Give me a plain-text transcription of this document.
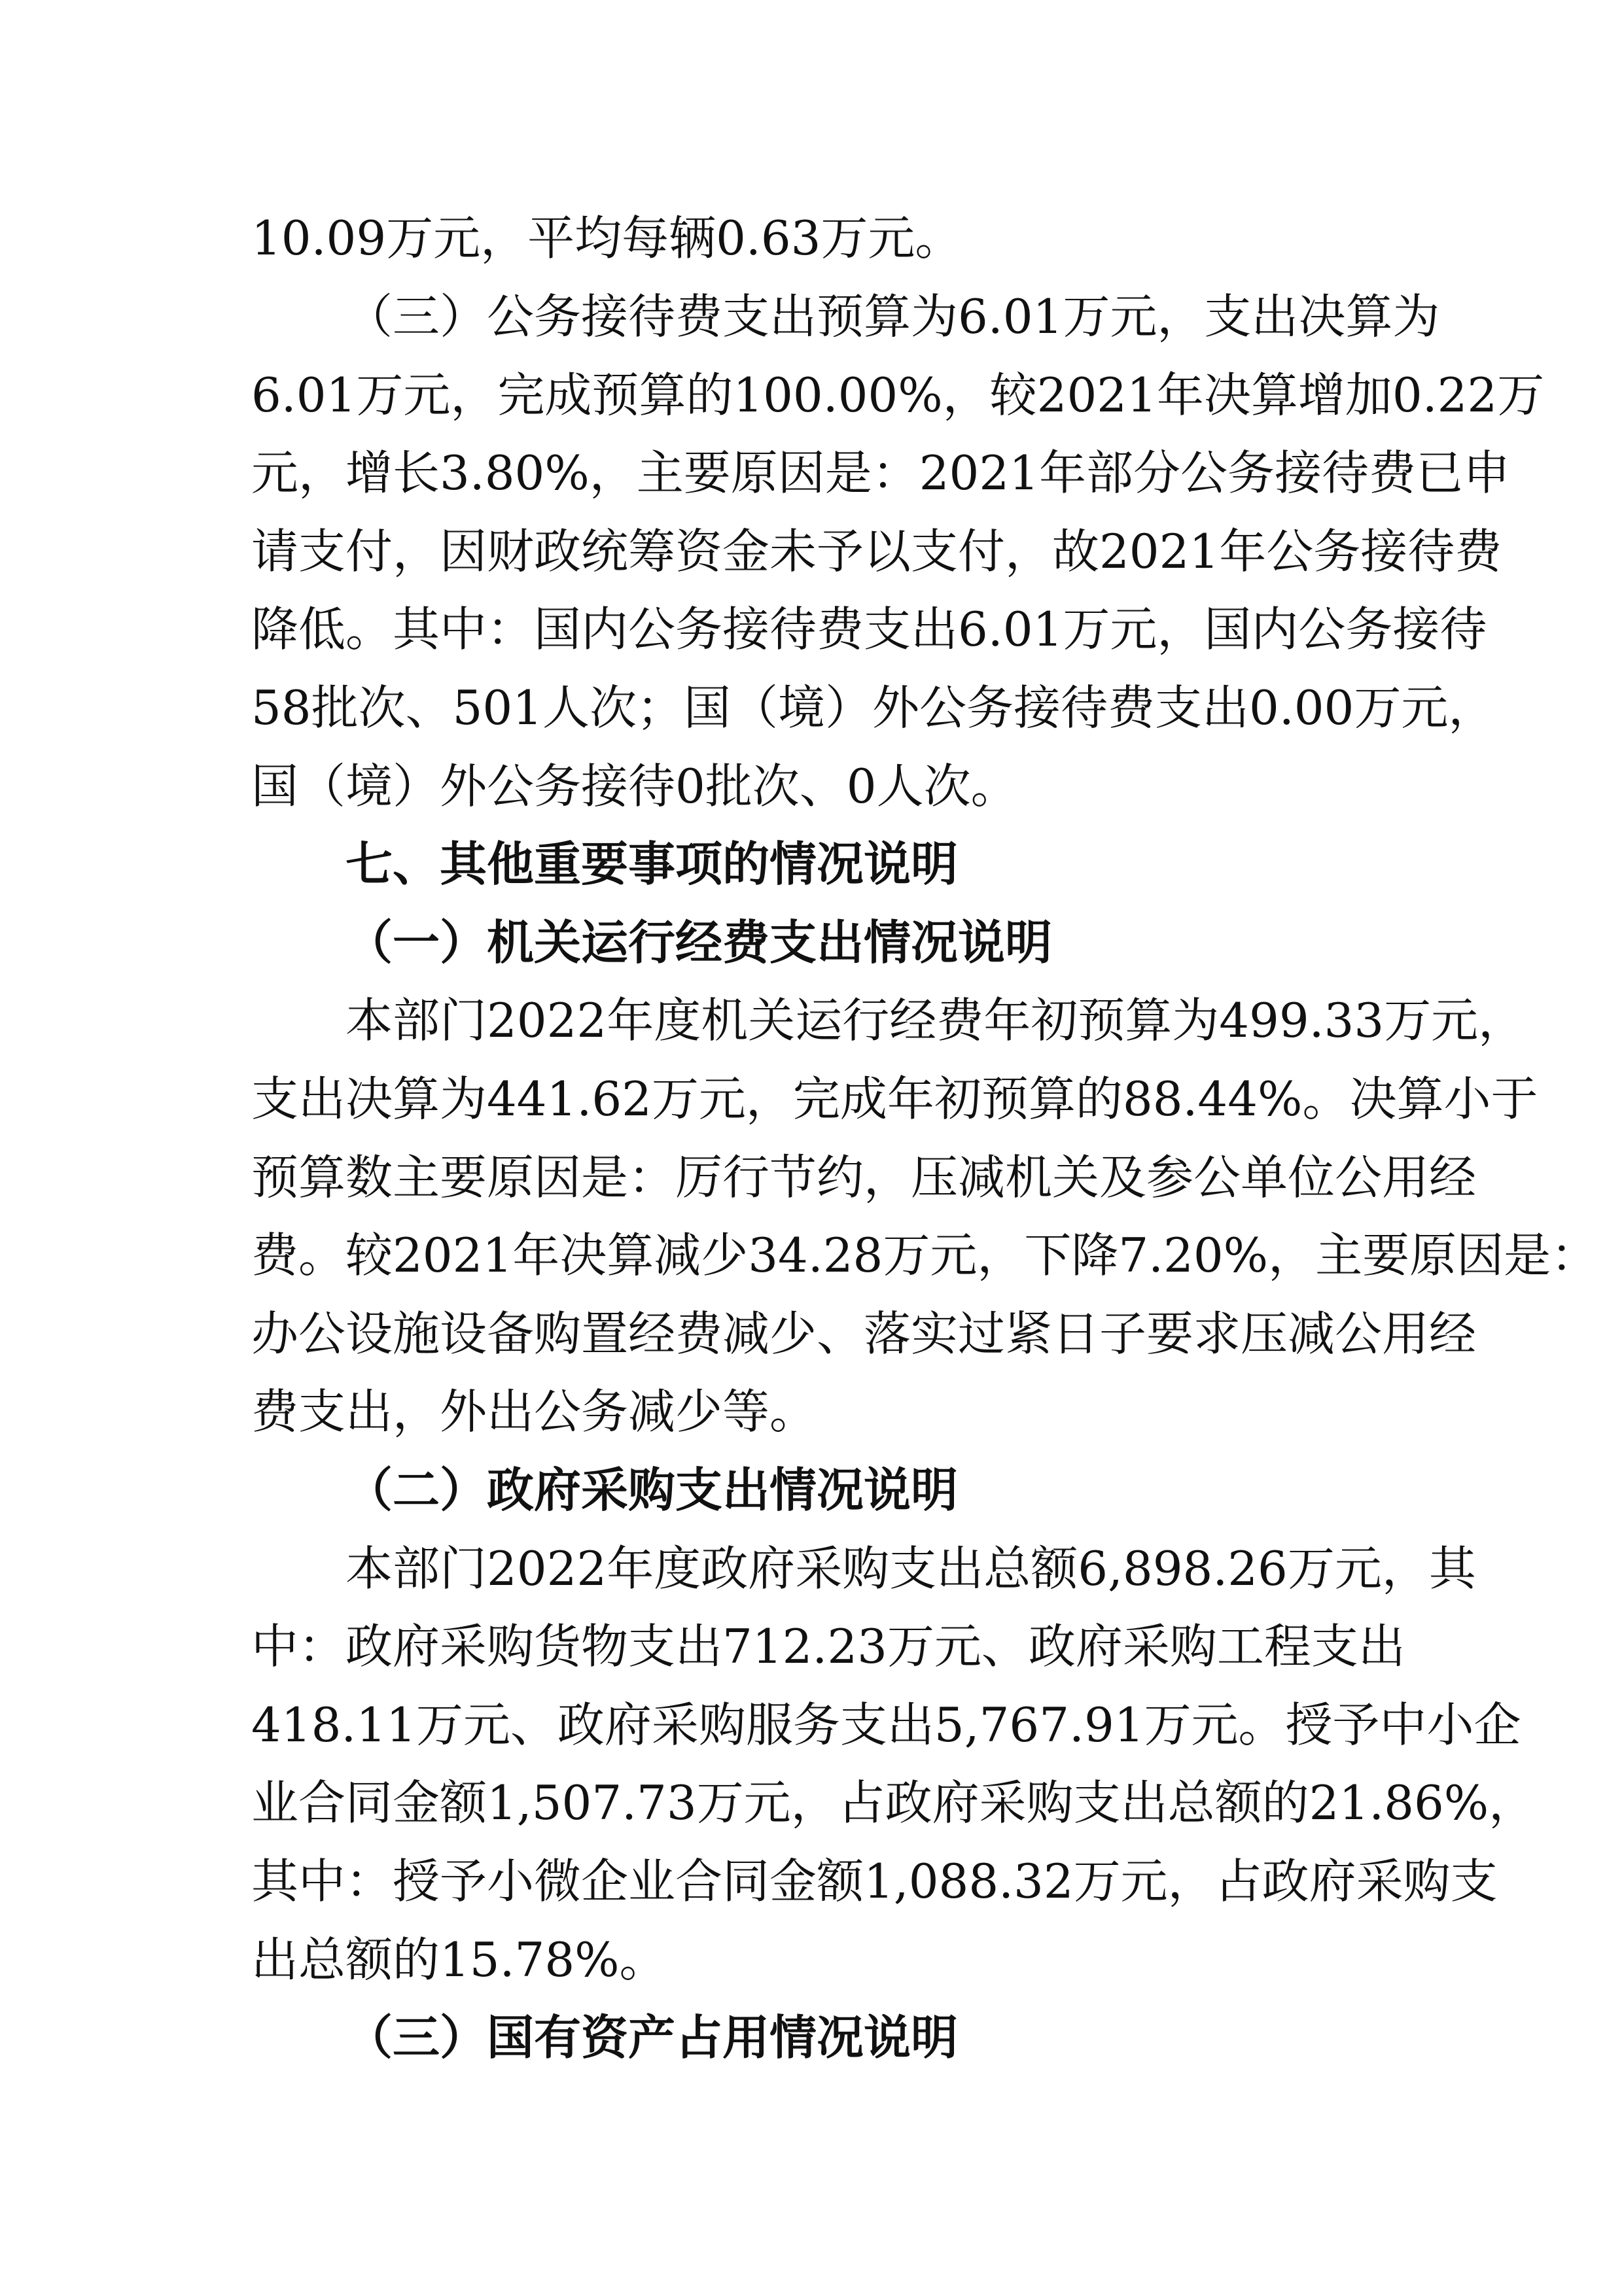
10.09万元，平均每辆0.63万元。
（三）公务接待费支出预算为6.01万元，支出决算为
6.01万元，完成预算的100.00%，较2021年决算增加0.22万
元，增长3.80%，主要原因是：2021年部分公务接待费已申
请支付，因财政统筹资金未予以支付，故2021年公务接待费
降低。其中：国内公务接待费支出6.01万元，国内公务接待
58批次、501人次；国（境）外公务接待费支出0.00万元，
国（境）外公务接待0批次、0人次。
七、其他重要事项的情况说明
（一）机关运行经费支出情况说明
本部门2022年度机关运行经费年初预算为499.33万元，
支出决算为441.62万元，完成年初预算的88.44%。决算小于
预算数主要原因是：厉行节约，压减机关及参公单位公用经
费。较2021年决算减少34.28万元，下降7.20%，主要原因是：
办公设施设备购置经费减少、落实过紧日子要求压减公用经
费支出，外出公务减少等。
（二）政府采购支出情况说明
本部门2022年度政府采购支出总额6,898.26万元，其
中：政府采购货物支出712.23万元、政府采购工程支出
418.11万元、政府采购服务支出5,767.91万元。授予中小企
业合同金额1,507.73万元，占政府采购支出总额的21.86%，
其中：授予小微企业合同金额1,088.32万元，占政府采购支
出总额的15.78%。
（三）国有资产占用情况说明
